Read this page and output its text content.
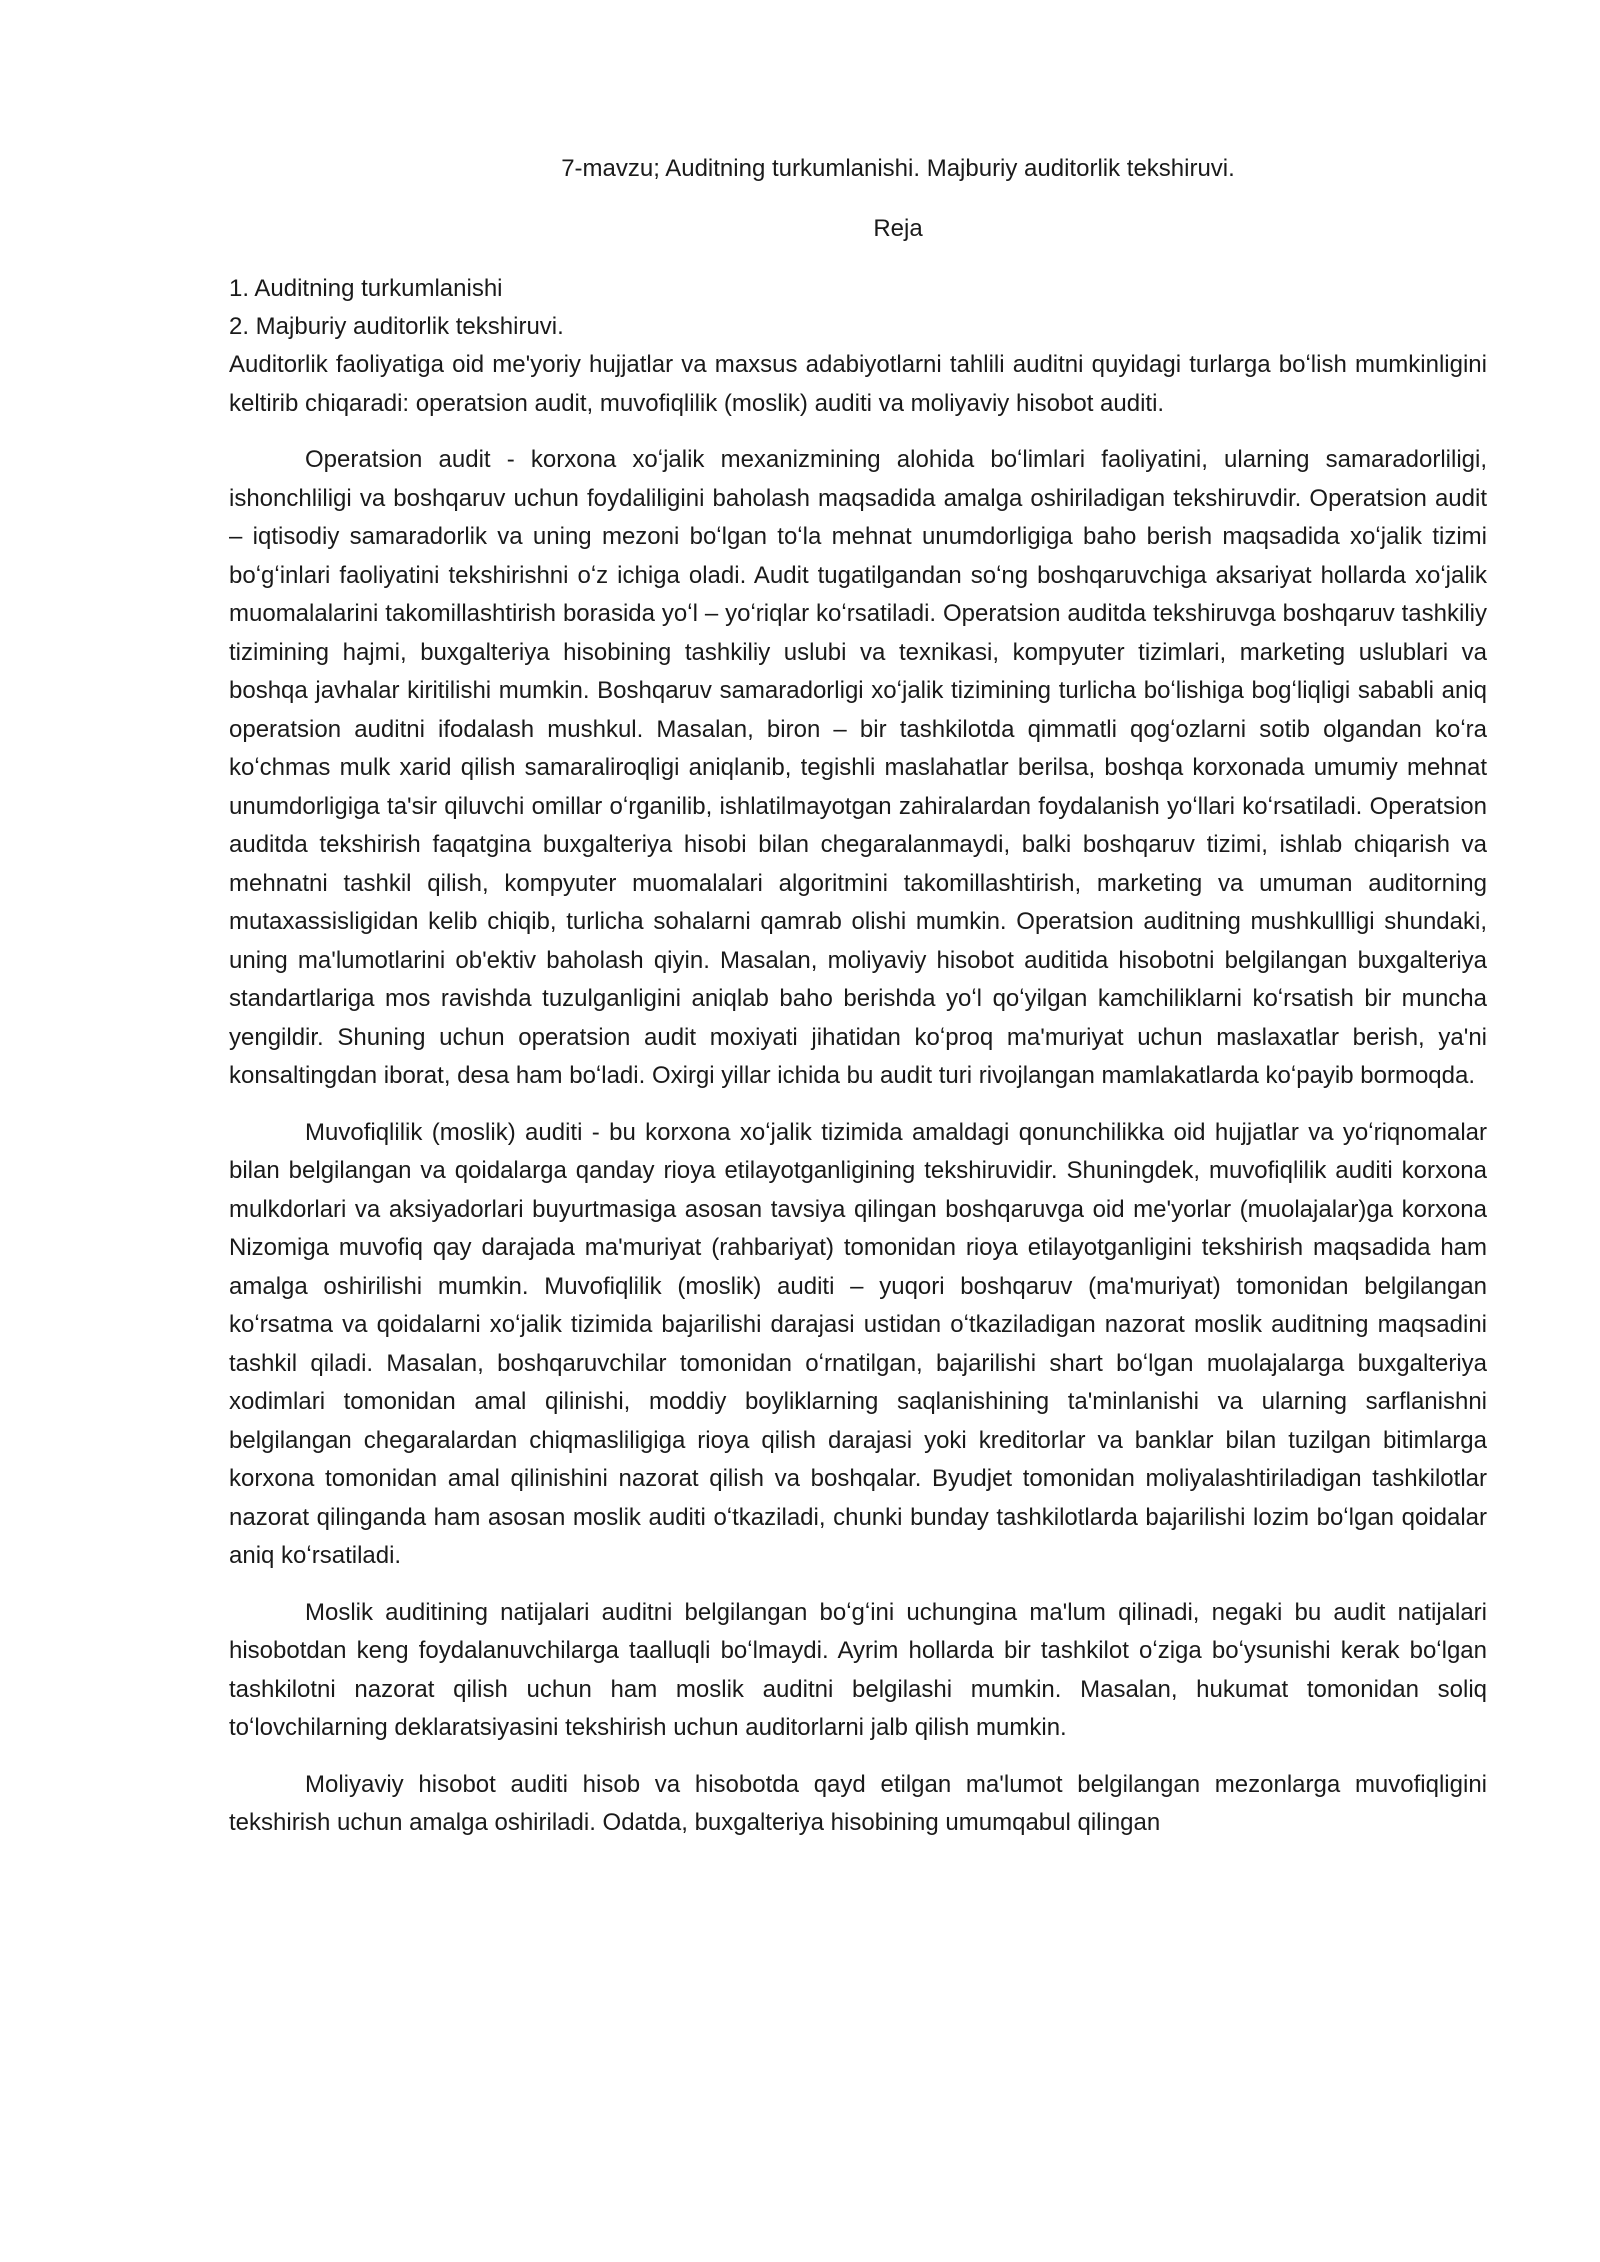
7-mavzu; Auditning turkumlanishi. Majburiy auditorlik tekshiruvi.

Reja

1. Auditning turkumlanishi

2. Majburiy auditorlik tekshiruvi.

Auditorlik faoliyatiga oid me'yoriy hujjatlar va maxsus adabiyotlarni tahlili auditni quyidagi turlarga boʻlish mumkinligini keltirib chiqaradi: operatsion audit, muvofiqlilik (moslik) auditi va moliyaviy hisobot auditi.

Operatsion audit - korxona xoʻjalik mexanizmining alohida boʻlimlari faoliyatini, ularning samaradorliligi, ishonchliligi va boshqaruv uchun foydaliligini baholash maqsadida amalga oshiriladigan tekshiruvdir. Operatsion audit – iqtisodiy samaradorlik va uning mezoni boʻlgan toʻla mehnat unumdorligiga baho berish maqsadida xoʻjalik tizimi boʻgʻinlari faoliyatini tekshirishni oʻz ichiga oladi. Audit tugatilgandan soʻng boshqaruvchiga aksariyat hollarda xoʻjalik muomalalarini takomillashtirish borasida yoʻl – yoʻriqlar koʻrsatiladi. Operatsion auditda tekshiruvga boshqaruv tashkiliy tizimining hajmi, buxgalteriya hisobining tashkiliy uslubi va texnikasi, kompyuter tizimlari, marketing uslublari va boshqa javhalar kiritilishi mumkin. Boshqaruv samaradorligi xoʻjalik tizimining turlicha boʻlishiga bogʻliqligi sababli aniq operatsion auditni ifodalash mushkul. Masalan, biron – bir tashkilotda qimmatli qogʻozlarni sotib olgandan koʻra koʻchmas mulk xarid qilish samaraliroqligi aniqlanib, tegishli maslahatlar berilsa, boshqa korxonada umumiy mehnat unumdorligiga ta'sir qiluvchi omillar oʻrganilib, ishlatilmayotgan zahiralardan foydalanish yoʻllari koʻrsatiladi. Operatsion auditda tekshirish faqatgina buxgalteriya hisobi bilan chegaralanmaydi, balki boshqaruv tizimi, ishlab chiqarish va mehnatni tashkil qilish, kompyuter muomalalari algoritmini takomillashtirish, marketing va umuman auditorning mutaxassisligidan kelib chiqib, turlicha sohalarni qamrab olishi mumkin. Operatsion auditning mushkullligi shundaki, uning ma'lumotlarini ob'ektiv baholash qiyin. Masalan, moliyaviy hisobot auditida hisobotni belgilangan buxgalteriya standartlariga mos ravishda tuzulganligini aniqlab baho berishda yoʻl qoʻyilgan kamchiliklarni koʻrsatish bir muncha yengildir. Shuning uchun operatsion audit moxiyati jihatidan koʻproq ma'muriyat uchun maslaxatlar berish, ya'ni konsaltingdan iborat, desa ham boʻladi. Oxirgi yillar ichida bu audit turi rivojlangan mamlakatlarda koʻpayib bormoqda.

Muvofiqlilik (moslik) auditi - bu korxona xoʻjalik tizimida amaldagi qonunchilikka oid hujjatlar va yoʻriqnomalar bilan belgilangan va qoidalarga qanday rioya etilayotganligining tekshiruvidir. Shuningdek, muvofiqlilik auditi korxona mulkdorlari va aksiyadorlari buyurtmasiga asosan tavsiya qilingan boshqaruvga oid me'yorlar (muolajalar)ga korxona Nizomiga muvofiq qay darajada ma'muriyat (rahbariyat) tomonidan rioya etilayotganligini tekshirish maqsadida ham amalga oshirilishi mumkin. Muvofiqlilik (moslik) auditi – yuqori boshqaruv (ma'muriyat) tomonidan belgilangan koʻrsatma va qoidalarni xoʻjalik tizimida bajarilishi darajasi ustidan oʻtkaziladigan nazorat moslik auditning maqsadini tashkil qiladi. Masalan, boshqaruvchilar tomonidan oʻrnatilgan, bajarilishi shart boʻlgan muolajalarga buxgalteriya xodimlari tomonidan amal qilinishi, moddiy boyliklarning saqlanishining ta'minlanishi va ularning sarflanishni belgilangan chegaralardan chiqmasliligiga rioya qilish darajasi yoki kreditorlar va banklar bilan tuzilgan bitimlarga korxona tomonidan amal qilinishini nazorat qilish va boshqalar. Byudjet tomonidan moliyalashtiriladigan tashkilotlar nazorat qilinganda ham asosan moslik auditi oʻtkaziladi, chunki bunday tashkilotlarda bajarilishi lozim boʻlgan qoidalar aniq koʻrsatiladi.

Moslik auditining natijalari auditni belgilangan boʻgʻini uchungina ma'lum qilinadi, negaki bu audit natijalari hisobotdan keng foydalanuvchilarga taalluqli boʻlmaydi. Ayrim hollarda bir tashkilot oʻziga boʻysunishi kerak boʻlgan tashkilotni nazorat qilish uchun ham moslik auditni belgilashi mumkin. Masalan, hukumat tomonidan soliq toʻlovchilarning deklaratsiyasini tekshirish uchun auditorlarni jalb qilish mumkin.

Moliyaviy hisobot auditi hisob va hisobotda qayd etilgan ma'lumot belgilangan mezonlarga muvofiqligini tekshirish uchun amalga oshiriladi. Odatda, buxgalteriya hisobining umumqabul qilingan
